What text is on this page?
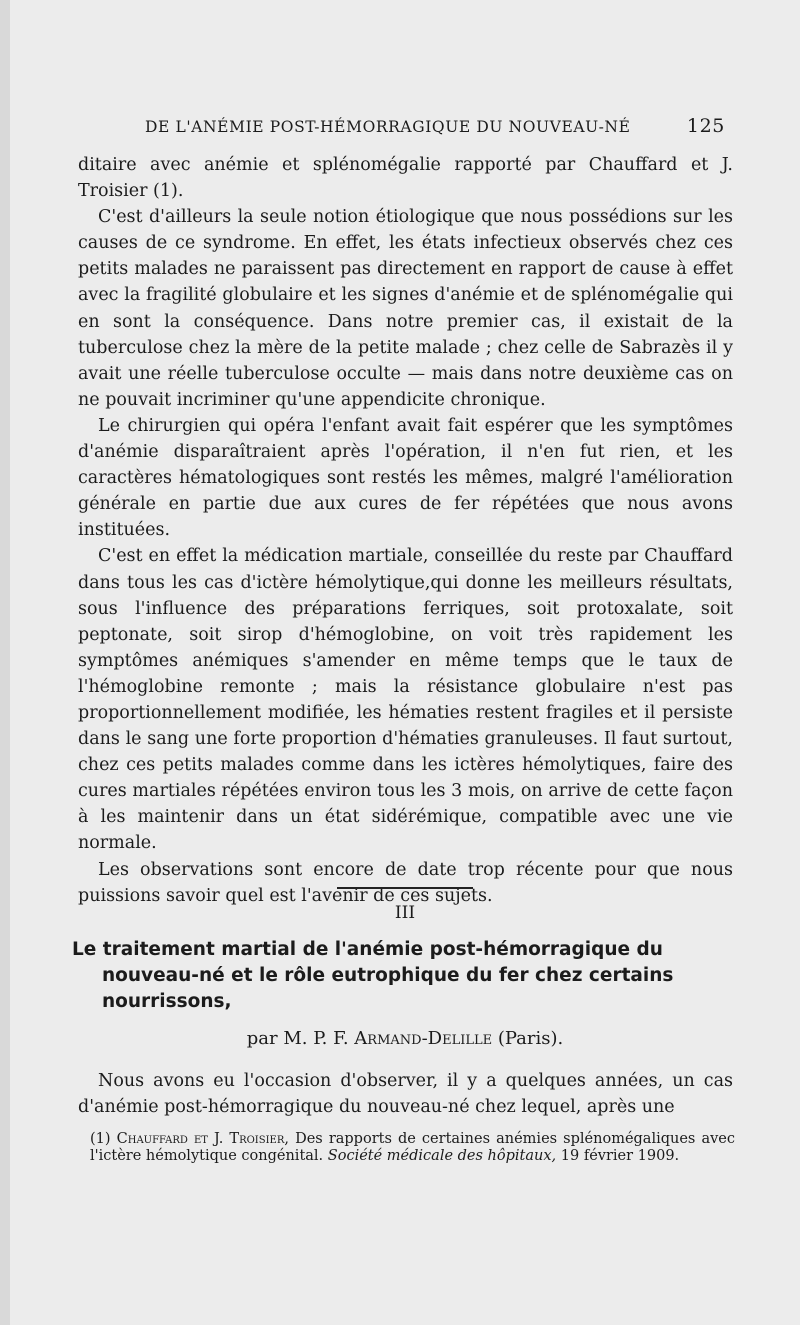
DE L'ANÉMIE POST-HÉMORRAGIQUE DU NOUVEAU-NÉ	125

ditaire avec anémie et splénomégalie rapporté par Chauffard et J. Troisier (1).

C'est d'ailleurs la seule notion étiologique que nous possédions sur les causes de ce syndrome. En effet, les états infectieux observés chez ces petits malades ne paraissent pas directement en rapport de cause à effet avec la fragilité globulaire et les signes d'anémie et de splénomégalie qui en sont la conséquence. Dans notre premier cas, il existait de la tuberculose chez la mère de la petite malade ; chez celle de Sabrazès il y avait une réelle tuberculose occulte — mais dans notre deuxième cas on ne pouvait incriminer qu'une appendicite chronique.

Le chirurgien qui opéra l'enfant avait fait espérer que les symptômes d'anémie disparaîtraient après l'opération, il n'en fut rien, et les caractères hématologiques sont restés les mêmes, malgré l'amélioration générale en partie due aux cures de fer répétées que nous avons instituées.

C'est en effet la médication martiale, conseillée du reste par Chauffard dans tous les cas d'ictère hémolytique,qui donne les meilleurs résultats, sous l'influence des préparations ferriques, soit protoxalate, soit peptonate, soit sirop d'hémoglobine, on voit très rapidement les symptômes anémiques s'amender en même temps que le taux de l'hémoglobine remonte ; mais la résistance globulaire n'est pas proportionnellement modifiée, les hématies restent fragiles et il persiste dans le sang une forte proportion d'hématies granuleuses. Il faut surtout, chez ces petits malades comme dans les ictères hémolytiques, faire des cures martiales répétées environ tous les 3 mois, on arrive de cette façon à les maintenir dans un état sidérémique, compatible avec une vie normale.

Les observations sont encore de date trop récente pour que nous puissions savoir quel est l'avenir de ces sujets.

III
Le traitement martial de l'anémie post-hémorragique du
nouveau-né et le rôle eutrophique du fer chez certains nourrissons,
par M. P. F. Armand-Delille (Paris).

Nous avons eu l'occasion d'observer, il y a quelques années, un cas d'anémie post-hémorragique du nouveau-né chez lequel, après une

(1) Chauffard et J. Troisier, Des rapports de certaines anémies splénomégaliques avec l'ictère hémolytique congénital. Société médicale des hôpitaux, 19 février 1909.
